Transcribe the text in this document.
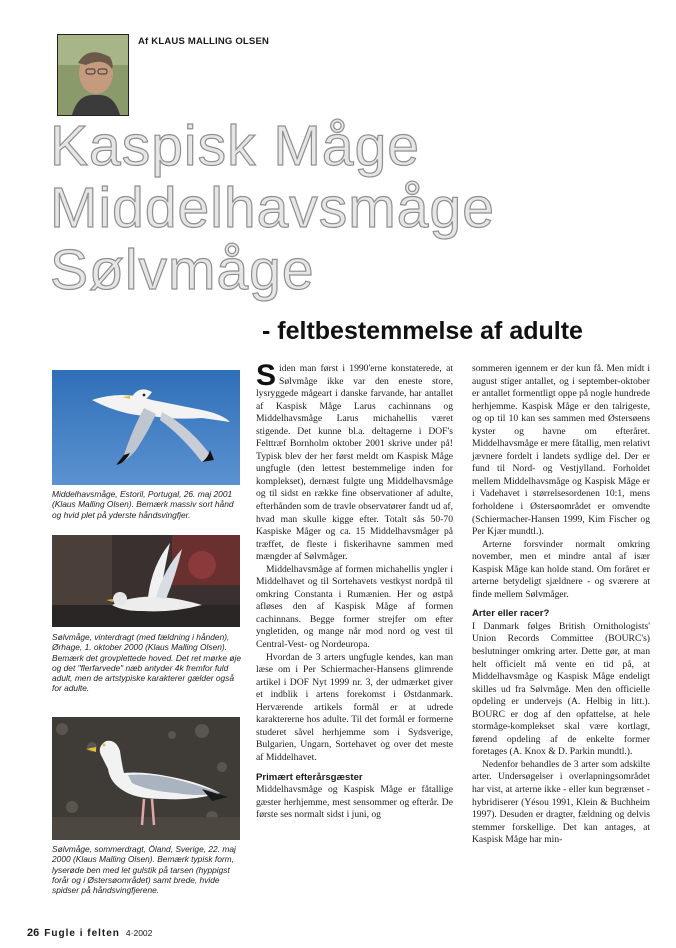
Af KLAUS MALLING OLSEN
Kaspisk Måge
Middelhavsmåge
Sølvmåge
- feltbestemmelse af adulte
Middelhavsmåge, Estoril, Portugal, 26. maj 2001 (Klaus Malling Olsen). Bemærk massiv sort hånd og hvid plet på yderste håndsvingfjer.
Sølvmåge, vinterdragt (med fældning i hånden), Ørhage, 1. oktober 2000 (Klaus Malling Olsen). Bemærk det grovplettede hoved. Det ret mørke øje og det "flerfarvede" næb antyder 4k fremfor fuld adult, men de artstypiske karakterer gælder også for adulte.
Sølvmåge, sommerdragt, Öland, Sverige, 22. maj 2000 (Klaus Malling Olsen). Bemærk typisk form, lyserøde ben med let gulstik på tarsen (hyppigst forår og i Østersøområdet) samt brede, hvide spidser på håndsvingfjerene.

Siden man først i 1990'erne konstaterede, at Sølvmåge ikke var den eneste store, lysryggede mågeart i danske farvande, har antallet af Kaspisk Måge Larus cachinnans og Middelhavsmåge Larus michahellis været stigende. Det kunne bl.a. deltagerne i DOF's Felttræf Bornholm oktober 2001 skrive under på! Typisk blev der her først meldt om Kaspisk Måge ungfugle (den lettest bestemmelige inden for komplekset), dernæst fulgte ung Middelhavsmåge og til sidst en række fine observationer af adulte, efterhånden som de travle observatører fandt ud af, hvad man skulle kigge efter. Totalt sås 50-70 Kaspiske Måger og ca. 15 Middelhavsmåger på træffet, de fleste i fiskerihavne sammen med mængder af Sølvmåger.

Middelhavsmåge af formen michahellis yngler i Middelhavet og til Sortehavets vestkyst nordpå til omkring Constanta i Rumænien. Her og østpå afløses den af Kaspisk Måge af formen cachinnans. Begge former strejfer om efter yngletiden, og mange når mod nord og vest til Central-Vest- og Nordeuropa.

Hvordan de 3 arters ungfugle kendes, kan man læse om i Per Schiermacher-Hansens glimrende artikel i DOF Nyt 1999 nr. 3, der udmærket giver et indblik i artens forekomst i Østdanmark. Herværende artikels formål er at udrede karaktererne hos adulte. Til det formål er formerne studeret såvel herhjemme som i Sydsverige, Bulgarien, Ungarn, Sortehavet og over det meste af Middelhavet.

Primært efterårsgæster

Middelhavsmåge og Kaspisk Måge er fåtallige gæster herhjemme, mest sensommer og efterår. De første ses normalt sidst i juni, og

sommeren igennem er der kun få. Men midt i august stiger antallet, og i september-oktober er antallet formentligt oppe på nogle hundrede herhjemme. Kaspisk Måge er den talrigeste, og op til 10 kan ses sammen med Østersøens kyster og havne om efteråret. Middelhavsmåge er mere fåtallig, men relativt jævnere fordelt i landets sydlige del. Der er fund til Nord- og Vestjylland. Forholdet mellem Middelhavsmåge og Kaspisk Måge er i Vadehavet i størrelsesordenen 10:1, mens forholdene i Østersøområdet er omvendte (Schiermacher-Hansen 1999, Kim Fischer og Per Kjær mundtl.).

Arterne forsvinder normalt omkring november, men et mindre antal af især Kaspisk Måge kan holde stand. Om foråret er arterne betydeligt sjældnere - og sværere at finde mellem Sølvmåger.

Arter eller racer?

I Danmark følges British Ornithologists' Union Records Committee (BOURC's) beslutninger omkring arter. Dette gør, at man helt officielt må vente en tid på, at Middelhavsmåge og Kaspisk Måge endeligt skilles ud fra Sølvmåge. Men den officielle opdeling er undervejs (A. Helbig in litt.). BOURC er dog af den opfattelse, at hele stormåge-komplekset skal være kortlagt, førend opdeling af de enkelte former foretages (A. Knox & D. Parkin mundtl.).

Nedenfor behandles de 3 arter som adskilte arter. Undersøgelser i overlapningsområdet har vist, at arterne ikke - eller kun begrænset - hybridiserer (Yésou 1991, Klein & Buchheim 1997). Desuden er dragter, fældning og delvis stemmer forskellige. Det kan antages, at Kaspisk Måge har min-

26 Fugle i felten 4·2002
